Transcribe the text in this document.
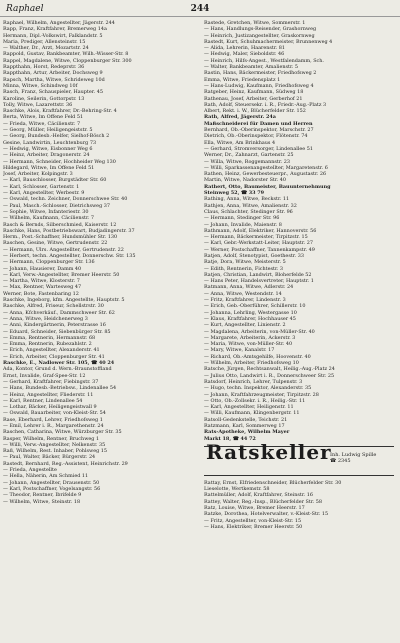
Raphael	244
Raphael, Wilhelm, Angestellter, Jägerstr. 244
Rapp, Franz, Kraftfahrer, Bremerweg 14a
Hermann, Dipl.-Volkswirt, Falklandstr. 5
Maria, Prediger, Allensteinstr. 15
— Walther, Dr., Arzt, Mozartstr. 24
Rappold, Gustav, Bankbeamter, Wilh.-Wisser-Str. 8
Rappel, Magdalene, Witwe, Cloppenburger Str. 300
Rappthahn, Horst, Redeprstr. 36
Rappthahn, Artur, Arbeiter, Dochsweg 9
Rapsch, Martha, Witwe, Schrideweg 10d
Minna, Witwe, Schindweg 10f
Rasch, Franz, Schauspieler, Haupter. 45
Karoline, Seilerin, Gottorpstr. 13
Tolly, Witwe, Lazarettstr. 36
Raschke, Alois, Kraftfahrer, Dr.-Behring-Str. 4
Berta, Witwe, Im Offene Feld 51
— Frieda, Witwe, Cäcilienstr. 7
— Georg, Müller, Heiligengeiststr. 5
— Georg, Bundesb.-Helfer, Sielhof-Bösch 2
Gesine, Landwirtin, Leuchtenburg 73
— Hedwig, Witwe, Eisbonner Weg 6
— Heinz, Arbeiter, Dragonerstr. 24
— Hermann, Schneider, Hochheider Weg 130
Hildegard, Witwe, Im Offene Feld 51
Josef, Arbeiter, Kolpingstr. 3
— Karl, Bauschlosser, Burgstädter Str. 60
— Karl, Schlosser, Gartenstr. 1
— Karl, Angestellter, Werbestr. 9
— Oswald, techn. Zeichner, Donnerschwee Str. 40
— Paul, Masch.-Schlosser, Dietrichsweg 37
— Sophie, Witwe, Infanteriestr. 30
— Wilhelm, Kaufmann, Cäcilienstr. 7
Rasch & Bernds, Silberschmied, Kaiserstr. 12
Raschke, Hans, Postbetriebswart, Budjadingerstr. 37
Herm., Post.-Schaffner, Hundsmühler Str. 130
Raschen, Gesine, Witwe, Gertrudenstr. 22
— Hermann, Ulrs. Angestellter, Gertrudenstr. 22
— Herbert, techn. Angestellter, Donnerschw. Str. 135
— Hermann, Cloppenburger Str. 136
— Johann, Hausierer, Damm 40
— Karl, Verw.-Angestellter, Bremer Heerstr. 50
— Martha, Witwe, Klosterstr. 7
— Max, Rentner, Wartesweg 47
Werner, Bote, Fastenbaring 12
Raschke, Ingeborg, kfm. Angestellte, Hauptstr. 5
Raschke, Alfred, Friseur, Schellstrstr. 30
— Anna, Kfchverkäuf., Dammschweer Str. 62
— Anna, Witwe, Heidchenerweg 3
— Anni, Kindergärtnerin, Peterstrasse 16
— Eduard, Schneider, Siebenbürger Str. 85
— Emma, Rentnerin, Hermannstr. 68
— Emma, Rentnerin, Rubezahlstr. 2
— Erich, Angestellter, Alexanderstr. 41
— Erich, Arbeiter, Cloppenburger Str. 41
Raschke, E., Nadlower Str. 105, ☎ 40 24
Ada, Kontor, Grund d. Wern.-Braunstoffland
Ernst, Invalide, Graf-Spee-Str. 12
— Gerhard, Kraftfahrer, Fiebingstr. 37
— Hans, Bundesb.-Betriebsw., Lindenallee 54
— Heinz, Angestellter, Fliederstr. 11
— Karl, Rentner, Lindenallee 54
— Lothar, Bäcker, Heiligengeistwall 9
— Oswald, Bauarbeiter, von-Kleist-Str. 54
Rase, Eberhard, Lehrer, Friedhofsweg 1
— Emil, Lehrer i. R., Margarethenstr. 24
Raschen, Catharina, Witwe, Würzburger Str. 35
Rasper, Wilhelm, Rentner, Bruchweg 1
— Willi, Verw.-Angestellter, Nelkenstr. 35
Raß, Wilhelm, Rest. Inhaber, Pohlsweg 15
— Paul, Walter, Bäcker, Bürgerstr. 24
Rastedt, Bernhard, Reg.-Assistent, Heinrichstr. 29
— Frieda, Angestellte
— Hella, Näherin, Am Schmied 11
— Johann, Angestellter, Drausenstr. 50
— Karl, Postschaffner, Vogelsangstr. 56
— Theodor, Rentner, Ibrifelde 9
— Wilhelm, Witwe, Steinstr. 18
Rastede, Gretchen, Witwe, Sommerstr. 1
— Hans, Handlungs-Reisender, Grashornweg
— Heinrich, Justizangestellter, Graskornweg
Rastedt, Kurt, Schuhmachermeister, Brunnenweg 4
— Alida, Lehrerin, Haarenstr. 81
— Hedwig, Maler, Sieboldstr. 46
— Heinrich, Hilfs-Angest., Westfalendamm, Sch.
— Walter, Bankbeamter, Amalienstr. 5
Rastin, Hans, Bäckermeister, Friedhofsweg 2
Emma, Witwe, Friedensplatz 1
— Hans-Ludwig, Kaufmann, Friedhofsweg 4
Ratgeber, Heinz, Kaufmann, Südweg 18
Rathenau, Josef, Arbeiter, Gerberhof 21
Rath, Adolf, Steuersekr. i. R., Friedr.-Aug.-Platz 3
Albert, Rekt. i. W., Blücherfelder Str. 152
Rath, Alfred, Jägerstr. 24a
Maßschneiderei für Damen und Herren
Bernhard, Ob.-Oberinspektor, Marschstr. 27
Dietrich, Ob.-Oberinspektor, Flötenstr. 74
Ella, Witwe, Am Brinkhaus 4
— Gerhard, Stromversorger, Lindenallee 51
Werner, Dr., Zahnarzt, Gartenstr. 25
— Willa, Witwe, Roggemannstr. 23
— Willi, Sparkassenangestellter, Margaretenstr. 6
Rathen, Heinz, Gewerbesteuerpr., Augustastr. 26
Martin, Witwe, Nadorster Str. 40
Rathert, Otto, Baumeister, Bauunternehmung
Steinweg 52, ☎ 33 79
Rathing, Anna, Witwe, Beckstr. 11
Rathjen, Anna, Witwe, Amalienstr. 32
Claus, Schlachter, Stedinger Str. 96
— Hermann, Stedinger Str. 96
— Johann, Invalide, Maienstr. 8
Rathmann, Adolf, Elektriker, Hannoverstr. 56
— Hermann, Bäckermeister, Tirpitzstr. 15
— Karl, Gebr.-Werkstatt-Leiter, Hauptstr. 27
— Werner, Postschaffner, Tannenkampstr. 49
Ratjen, Adolf, Stenotypist, Goethestr. 33
Ratje, Dora, Witwe, Meisterstr. 5
— Edith, Rentnerin, Fichtestr. 3
Ratjen, Christian, Landwirt, Bloherfelde 52
— Hans Peter, Handelsvertreter, Hauptstr. 1
Ratmann, Anna, Witwe, Adlerstr. 24
— Anna, Witwe, Westendstr. 14
— Fritz, Kraftfahrer, Lindenstr. 3
— Erich, Geb.-Oberführer, Schillerstr. 10
— Johanna, Lehrling, Westergasse 10
— Klaus, Kraftfahrer, Hochhauser 45
— Kurt, Angestellter, Linienstr. 2
— Magdalena, Arbeiterin, von-Müller-Str. 40
— Margarete, Arbeiterin, Ackerstr. 3
— Maria, Witwe, von-Müller-Str. 40
— Mary, Witwe, Kanalstr. 17
— Richard, Ob.-Amtsgehilfe, Hoovenstr. 40
— Wilhelm, Arbeiter, Friedhofsweg 10
Ratsche, Jürgen, Rechtsanwalt, Heilig.-Aug.-Platz 24
— Julius Otto, Landwirt i. R., Donnerschweer Str. 25
Ratsdorf, Heinrich, Lehrer, Tulpenstr. 3
— Hugo, techn. Inspektor, Alexanderstr. 35
— Johann, Kraftfahrzeugmeister, Tirpitzstr. 28
— Otto, Ob.-Zollsekr. i. R., Heilig.-Str. 11
— Karl, Angestellter, Heiligenstr. 11
— Willi, Kaufmann, Klingenbergstr. 11
Ratsoll-Gedenkstelle, Teichstr. 21
Ratzmann, Karl, Sommerweg 17
Rats-Apotheke, Wilhelm Mayer
Markt 18, ☎ 44 72
Ratskeller
Inh. Ludwig Spille
☎ 2345
Rattay, Ernst, Elfriedenschneider, Blücherfelder Str. 30
Lieselotte, Wertkemstr. 58
Rattelmüller, Adolf, Kraftfahrer, Steinstr. 16
Rattey, Walter, Reg.-Insp., Blücherfelder Str. 58
Ratz, Louise, Witwe, Bremer Heerstr. 17
Ratzke, Dorothea, Hotelverwalter, v.-Kleist-Str. 15
— Fritz, Angestellter, von-Kleist-Str. 15
— Hans, Elektriker, Bremer Heerstr. 50
